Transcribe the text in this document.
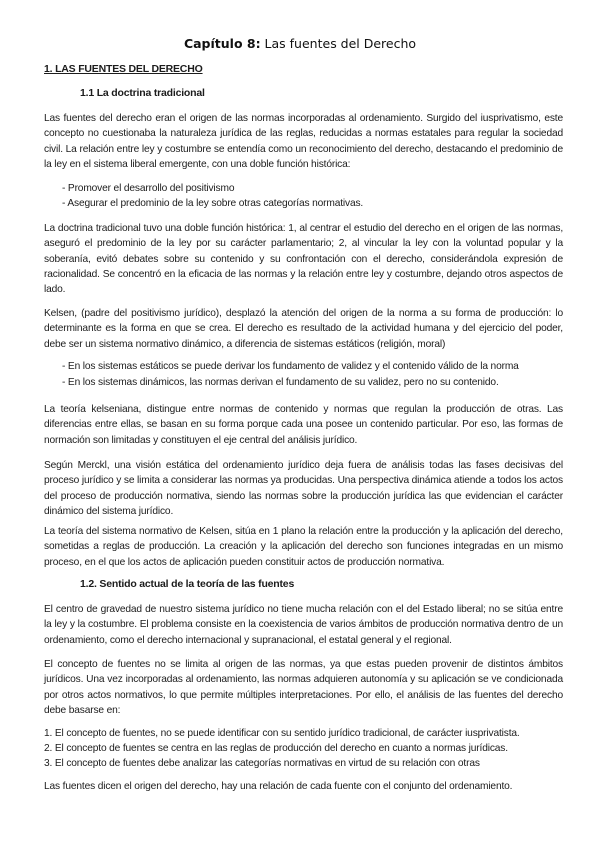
Capítulo 8: Las fuentes del Derecho
1. LAS FUENTES DEL DERECHO
1.1 La doctrina tradicional

Las fuentes del derecho eran el origen de las normas incorporadas al ordenamiento. Surgido del iusprivatismo, este concepto no cuestionaba la naturaleza jurídica de las reglas, reducidas a normas estatales para regular la sociedad civil. La relación entre ley y costumbre se entendía como un reconocimiento del derecho, destacando el predominio de la ley en el sistema liberal emergente, con una doble función histórica:

- Promover el desarrollo del positivismo

- Asegurar el predominio de la ley sobre otras categorías normativas.

La doctrina tradicional tuvo una doble función histórica: 1, al centrar el estudio del derecho en el origen de las normas, aseguró el predominio de la ley por su carácter parlamentario; 2, al vincular la ley con la voluntad popular y la soberanía, evitó debates sobre su contenido y su confrontación con el derecho, considerándola expresión de racionalidad. Se concentró en la eficacia de las normas y la relación entre ley y costumbre, dejando otros aspectos de lado.

Kelsen, (padre del positivismo jurídico), desplazó la atención del origen de la norma a su forma de producción: lo determinante es la forma en que se crea. El derecho es resultado de la actividad humana y del ejercicio del poder, debe ser un sistema normativo dinámico, a diferencia de sistemas estáticos (religión, moral)

- En los sistemas estáticos se puede derivar los fundamento de validez y el contenido válido de la norma

- En los sistemas dinámicos, las normas derivan el fundamento de su validez, pero no su contenido.

La teoría kelseniana, distingue entre normas de contenido y normas que regulan la producción de otras. Las diferencias entre ellas, se basan en su forma porque cada una posee un contenido particular. Por eso, las formas de normación son limitadas y constituyen el eje central del análisis jurídico.

Según Merckl, una visión estática del ordenamiento jurídico deja fuera de análisis todas las fases decisivas del proceso jurídico y se limita a considerar las normas ya producidas. Una perspectiva dinámica atiende a todos los actos del proceso de producción normativa, siendo las normas sobre la producción jurídica las que evidencian el carácter dinámico del sistema jurídico.

La teoría del sistema normativo de Kelsen, sitúa en 1 plano la relación entre la producción y la aplicación del derecho, sometidas a reglas de producción. La creación y la aplicación del derecho son funciones integradas en un mismo proceso, en el que los actos de aplicación pueden constituir actos de producción normativa.

1.2. Sentido actual de la teoría de las fuentes

El centro de gravedad de nuestro sistema jurídico no tiene mucha relación con el del Estado liberal; no se sitúa entre la ley y la costumbre. El problema consiste en la coexistencia de varios ámbitos de producción normativa dentro de un ordenamiento, como el derecho internacional y supranacional, el estatal general y el regional.

El concepto de fuentes no se limita al origen de las normas, ya que estas pueden provenir de distintos ámbitos jurídicos. Una vez incorporadas al ordenamiento, las normas adquieren autonomía y su aplicación se ve condicionada por otros actos normativos, lo que permite múltiples interpretaciones. Por ello, el análisis de las fuentes del derecho debe basarse en:

1. El concepto de fuentes, no se puede identificar con su sentido jurídico tradicional, de carácter iusprivatista.

2. El concepto de fuentes se centra en las reglas de producción del derecho en cuanto a normas jurídicas.

3. El concepto de fuentes debe analizar las categorías normativas en virtud de su relación con otras

Las fuentes dicen el origen del derecho, hay una relación de cada fuente con el conjunto del ordenamiento.
